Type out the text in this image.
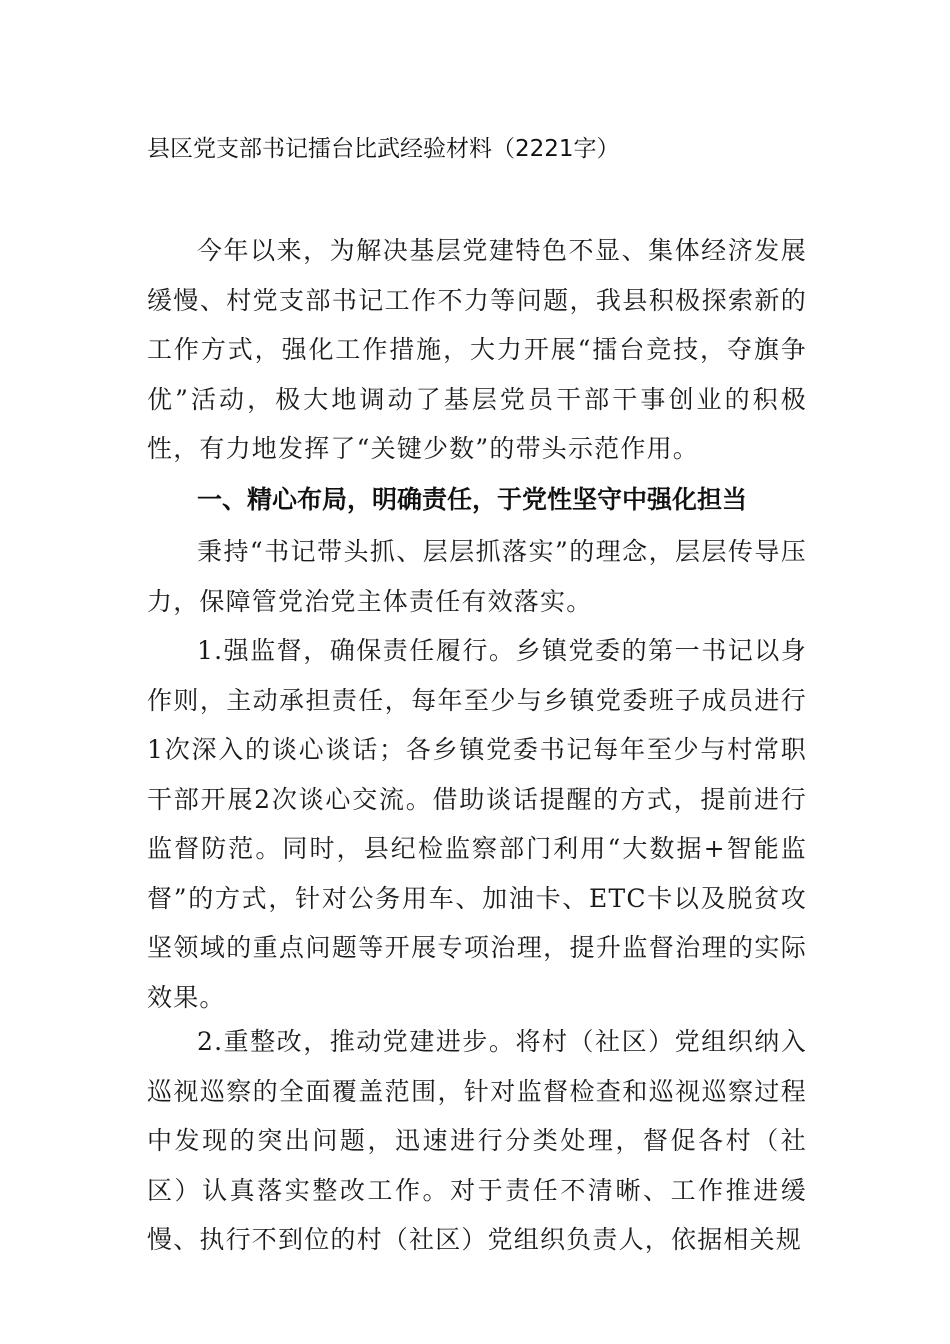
县区党支部书记擂台比武经验材料（2221字）

今年以来，为解决基层党建特色不显、集体经济发展缓慢、村党支部书记工作不力等问题，我县积极探索新的工作方式，强化工作措施，大力开展“擂台竞技，夺旗争优”活动，极大地调动了基层党员干部干事创业的积极性，有力地发挥了“关键少数”的带头示范作用。

一、精心布局，明确责任，于党性坚守中强化担当

秉持“书记带头抓、层层抓落实”的理念，层层传导压力，保障管党治党主体责任有效落实。

1.强监督，确保责任履行。乡镇党委的第一书记以身作则，主动承担责任，每年至少与乡镇党委班子成员进行1次深入的谈心谈话；各乡镇党委书记每年至少与村常职干部开展2次谈心交流。借助谈话提醒的方式，提前进行监督防范。同时，县纪检监察部门利用“大数据+智能监督”的方式，针对公务用车、加油卡、ETC卡以及脱贫攻坚领域的重点问题等开展专项治理，提升监督治理的实际效果。

2.重整改，推动党建进步。将村（社区）党组织纳入巡视巡察的全面覆盖范围，针对监督检查和巡视巡察过程中发现的突出问题，迅速进行分类处理，督促各村（社区）认真落实整改工作。对于责任不清晰、工作推进缓慢、执行不到位的村（社区）党组织负责人，依据相关规
